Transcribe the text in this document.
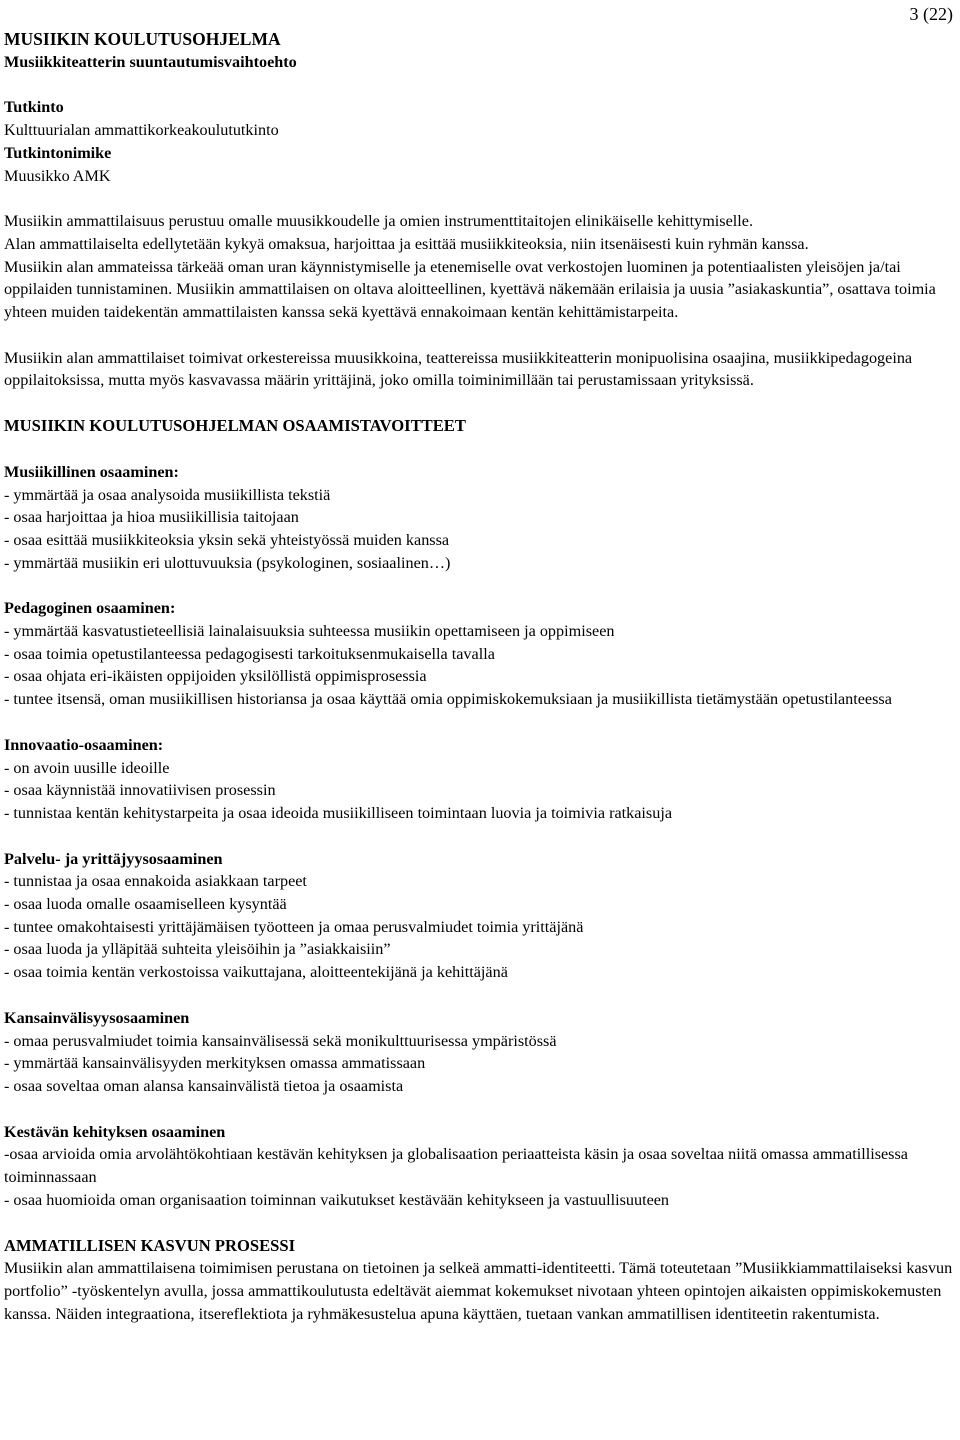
3 (22)
MUSIIKIN KOULUTUSOHJELMA
Musiikkiteatterin suuntautumisvaihtoehto
Tutkinto
Kulttuurialan ammattikorkeakoulututkinto
Tutkintonimike
Muusikko AMK

Musiikin ammattilaisuus perustuu omalle muusikkoudelle ja omien instrumenttitaitojen elinikäiselle kehittymiselle.

Alan ammattilaiselta edellytetään kykyä omaksua, harjoittaa ja esittää musiikkiteoksia, niin itsenäisesti kuin ryhmän kanssa.

Musiikin alan ammateissa tärkeää oman uran käynnistymiselle ja etenemiselle ovat verkostojen luominen ja potentiaalisten yleisöjen ja/tai oppilaiden tunnistaminen. Musiikin ammattilaisen on oltava aloitteellinen, kyettävä näkemään erilaisia ja uusia ”asiakaskuntia”, osattava toimia yhteen muiden taidekentän ammattilaisten kanssa sekä kyettävä ennakoimaan kentän kehittämistarpeita.

Musiikin alan ammattilaiset toimivat orkestereissa muusikkoina, teattereissa musiikkiteatterin monipuolisina osaajina, musiikkipedagogeina oppilaitoksissa, mutta myös kasvavassa määrin yrittäjinä, joko omilla toiminimillään tai perustamissaan yrityksissä.

MUSIIKIN KOULUTUSOHJELMAN OSAAMISTAVOITTEET
Musiikillinen osaaminen:
- ymmärtää ja osaa analysoida musiikillista tekstiä
- osaa harjoittaa ja hioa musiikillisia taitojaan
- osaa esittää musiikkiteoksia yksin sekä yhteistyössä muiden kanssa
- ymmärtää musiikin eri ulottuvuuksia (psykologinen, sosiaalinen…)
Pedagoginen osaaminen:
- ymmärtää kasvatustieteellisiä lainalaisuuksia suhteessa musiikin opettamiseen ja oppimiseen
- osaa toimia opetustilanteessa pedagogisesti tarkoituksenmukaisella tavalla
- osaa ohjata eri-ikäisten oppijoiden yksilöllistä oppimisprosessia
- tuntee itsensä, oman musiikillisen historiansa ja osaa käyttää omia oppimiskokemuksiaan ja musiikillista tietämystään opetustilanteessa
Innovaatio-osaaminen:
- on avoin uusille ideoille
- osaa käynnistää innovatiivisen prosessin
- tunnistaa kentän kehitystarpeita ja osaa ideoida musiikilliseen toimintaan luovia ja toimivia ratkaisuja
Palvelu- ja yrittäjyysosaaminen
- tunnistaa ja osaa ennakoida asiakkaan tarpeet
- osaa luoda omalle osaamiselleen kysyntää
- tuntee omakohtaisesti yrittäjämäisen työotteen ja omaa perusvalmiudet toimia yrittäjänä
- osaa luoda ja ylläpitää suhteita yleisöihin ja ”asiakkaisiin”
- osaa toimia kentän verkostoissa vaikuttajana, aloitteentekijänä ja kehittäjänä
Kansainvälisyysosaaminen
- omaa perusvalmiudet toimia kansainvälisessä sekä monikulttuurisessa ympäristössä
- ymmärtää kansainvälisyyden merkityksen omassa ammatissaan
- osaa soveltaa oman alansa kansainvälistä tietoa ja osaamista
Kestävän kehityksen osaaminen
-osaa arvioida omia arvolähtökohtiaan kestävän kehityksen ja globalisaation periaatteista käsin ja osaa soveltaa niitä omassa ammatillisessa toiminnassaan
- osaa huomioida oman organisaation toiminnan vaikutukset kestävään kehitykseen ja vastuullisuuteen
AMMATILLISEN KASVUN PROSESSI

Musiikin alan ammattilaisena toimimisen perustana on tietoinen ja selkeä ammatti-identiteetti. Tämä toteutetaan ”Musiikkiammattilaiseksi kasvun portfolio” -työskentelyn avulla, jossa ammattikoulutusta edeltävät aiemmat kokemukset nivotaan yhteen opintojen aikaisten oppimiskokemusten kanssa. Näiden integraationa, itsereflektiota ja ryhmäkesustelua apuna käyttäen, tuetaan vankan ammatillisen identiteetin rakentumista.
